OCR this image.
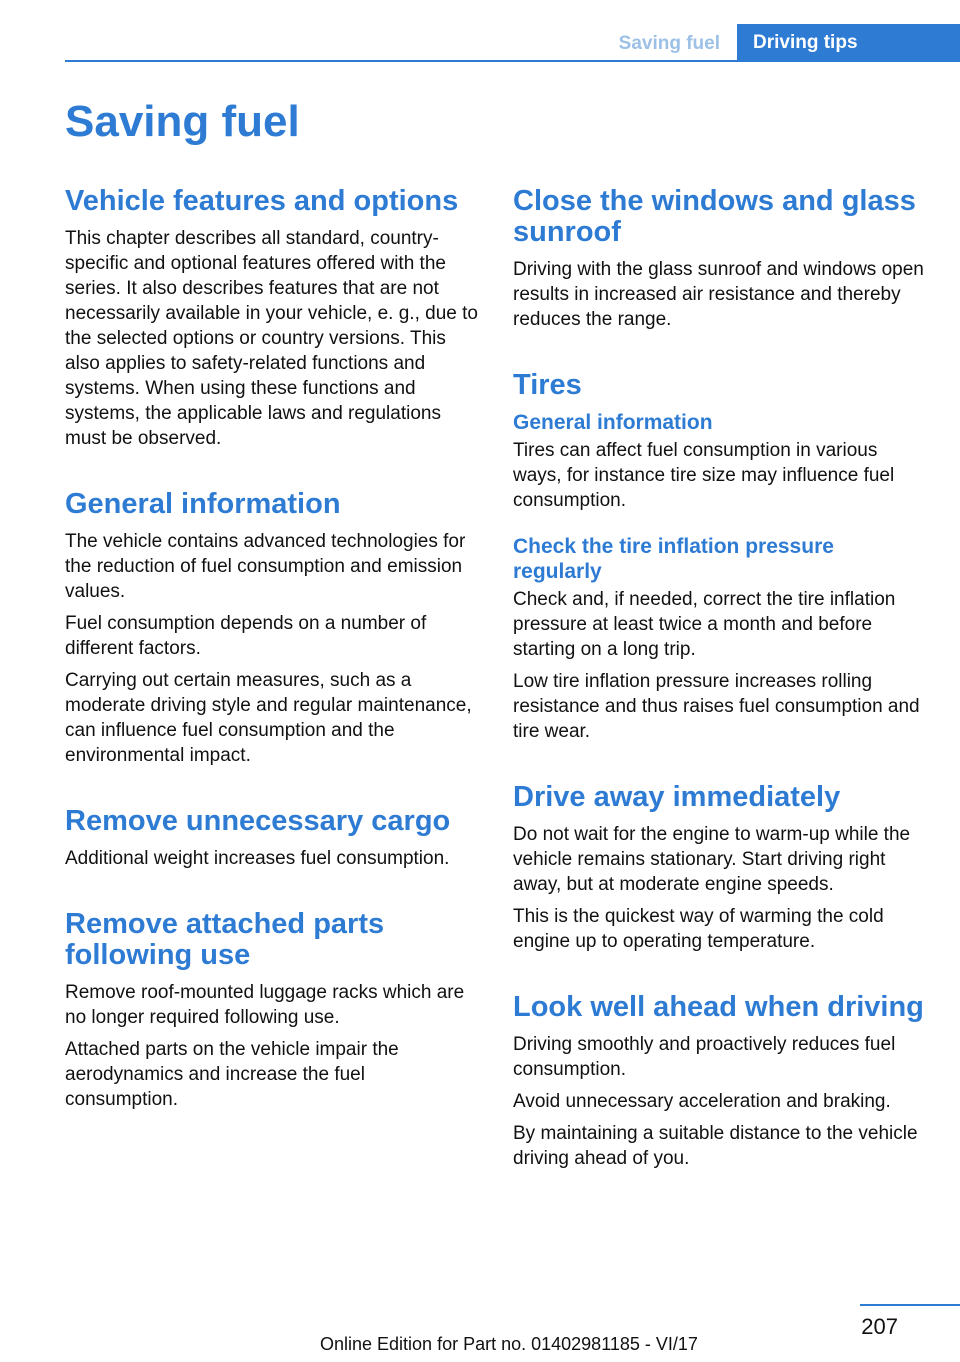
Saving fuel	Driving tips
Saving fuel
Vehicle features and options

This chapter describes all standard, country-specific and optional features offered with the series. It also describes features that are not necessarily available in your vehicle, e. g., due to the selected options or country versions. This also applies to safety-related functions and systems. When using these functions and systems, the applicable laws and regulations must be observed.

General information

The vehicle contains advanced technologies for the reduction of fuel consumption and emission values.

Fuel consumption depends on a number of different factors.

Carrying out certain measures, such as a moderate driving style and regular maintenance, can influence fuel consumption and the environmental impact.

Remove unnecessary cargo

Additional weight increases fuel consumption.

Remove attached parts following use

Remove roof-mounted luggage racks which are no longer required following use.

Attached parts on the vehicle impair the aerodynamics and increase the fuel consumption.

Close the windows and glass sunroof

Driving with the glass sunroof and windows open results in increased air resistance and thereby reduces the range.

Tires
General information

Tires can affect fuel consumption in various ways, for instance tire size may influence fuel consumption.

Check the tire inflation pressure regularly

Check and, if needed, correct the tire inflation pressure at least twice a month and before starting on a long trip.

Low tire inflation pressure increases rolling resistance and thus raises fuel consumption and tire wear.

Drive away immediately

Do not wait for the engine to warm-up while the vehicle remains stationary. Start driving right away, but at moderate engine speeds.

This is the quickest way of warming the cold engine up to operating temperature.

Look well ahead when driving

Driving smoothly and proactively reduces fuel consumption.

Avoid unnecessary acceleration and braking.

By maintaining a suitable distance to the vehicle driving ahead of you.

207
Online Edition for Part no. 01402981185 - VI/17
